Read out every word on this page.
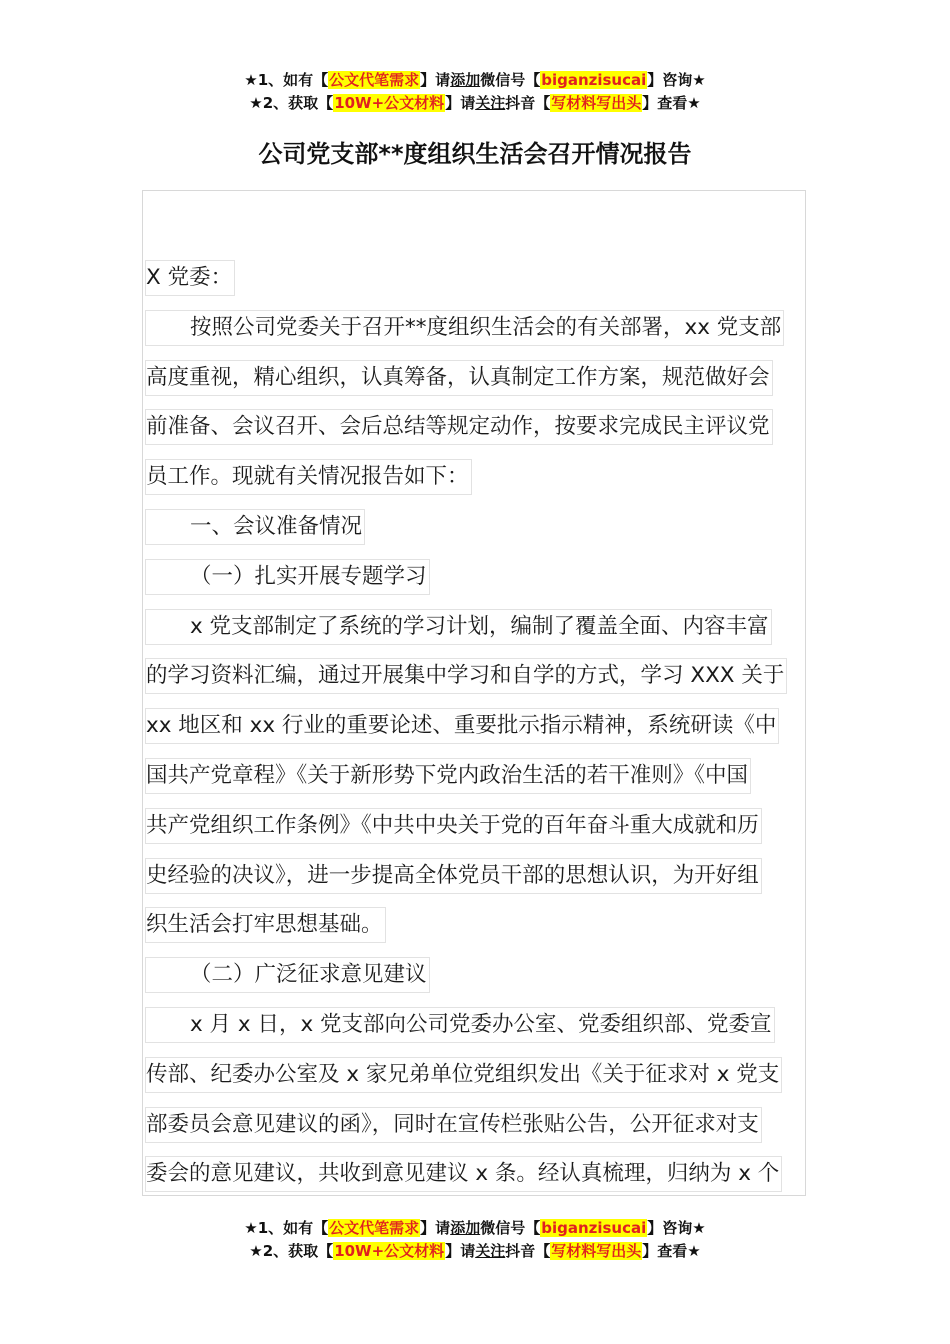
★1、如有【公文代笔需求】请添加微信号【biganzisucai】咨询★
★2、获取【10W+公文材料】请关注抖音【写材料写出头】查看★
公司党支部**度组织生活会召开情况报告
X 党委：
按照公司党委关于召开**度组织生活会的有关部署，xx 党支部
高度重视，精心组织，认真筹备，认真制定工作方案，规范做好会
前准备、会议召开、会后总结等规定动作，按要求完成民主评议党
员工作。现就有关情况报告如下：
一、会议准备情况
（一）扎实开展专题学习
x 党支部制定了系统的学习计划，编制了覆盖全面、内容丰富
的学习资料汇编，通过开展集中学习和自学的方式，学习 XXX 关于
xx 地区和 xx 行业的重要论述、重要批示指示精神，系统研读《中
国共产党章程》《关于新形势下党内政治生活的若干准则》《中国
共产党组织工作条例》《中共中央关于党的百年奋斗重大成就和历
史经验的决议》，进一步提高全体党员干部的思想认识，为开好组
织生活会打牢思想基础。
（二）广泛征求意见建议
x 月 x 日，x 党支部向公司党委办公室、党委组织部、党委宣
传部、纪委办公室及 x 家兄弟单位党组织发出《关于征求对 x 党支
部委员会意见建议的函》，同时在宣传栏张贴公告，公开征求对支
委会的意见建议，共收到意见建议 x 条。经认真梳理，归纳为 x 个
★1、如有【公文代笔需求】请添加微信号【biganzisucai】咨询★
★2、获取【10W+公文材料】请关注抖音【写材料写出头】查看★
